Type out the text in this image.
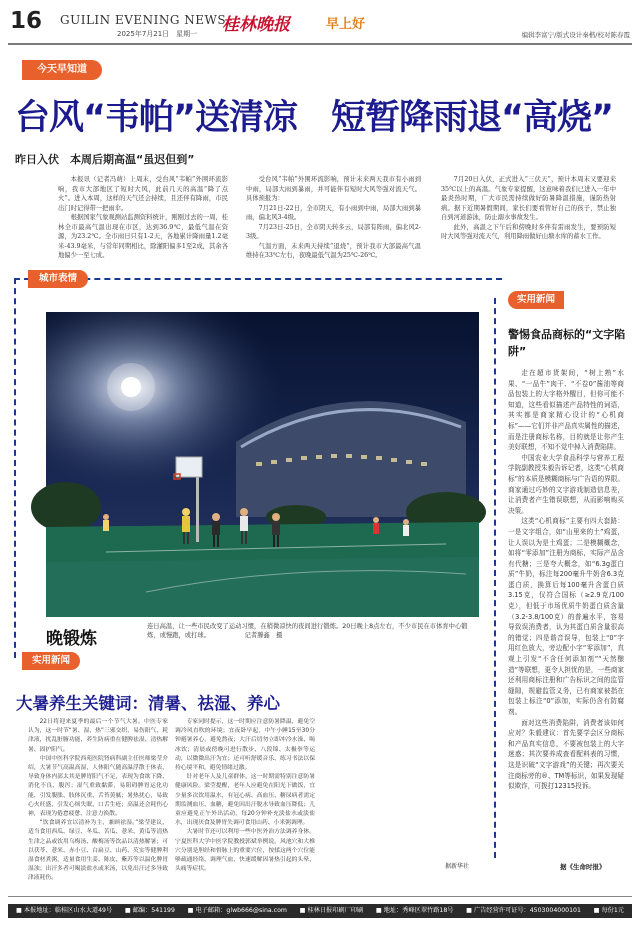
16 GUILIN EVENING NEWS
2025年7月21日　星期一 桂林晚报	早上好
编辑李富宁/版式设计秦楷/校对陈春霞
今天早知道
台风“韦帕”送清凉　短暂降雨退“高烧”
昨日入伏　本周后期高温“虽迟但到”

本报讯（记者冯萌）上周末，受台风“韦帕”外围环流影响，我市大部地区了短时大风，此前几天的高温“降了点火”。进入本周，这样的天气还会持续，且还伴有降雨，市民出门时记得带一把雨伞。

根据国家气象观测站监测资料统计，刚刚过去的一周，桂林全市最高气温出现在市区，达到36.9℃，最低气温在资源，为23.2℃。全市雨日只有1-2天，各地累计降雨量1.2毫米-43.9毫米，与常年同期相比，除灌阳偏多1至2成，其余各地偏少一至七成。

受台风“韦帕”外围环流影响，预计未来两天我市有小雨到中雨，局部大雨到暴雨，并可能伴有短时大风等强对流天气。具体预报为：

7月21日-22日，全市阴天，有小雨到中雨，局部大雨到暴雨，偏北风3-4级。

7月23日-25日，全市阴天转多云，局部有阵雨，偏北风2-3级。

气温方面，未来两天持续“退烧”，预计我市大部最高气温维持在33℃左右，夜晚最低气温为25℃-26℃。

7月20日入伏，正式进入“三伏天”，预计本周末又要迎来35℃以上的高温。气象专家提醒，这意味着我们已进入一年中最炎热时期，广大市民需持续做好防暑降温措施，谨防热射病。据下近期暑假期间，家长们要看管好自己的孩子，禁止独自到河道游泳，防止溺水事故发生。

此外，高温之下午后和傍晚时多伴有雷雨发生，要预防短时大风等强对流天气，利用降雨做好山塘水库的蓄水工作。

城市表情
实用新闻
晚锻炼
连日高温，让一些市民改变了运动习惯，在稍微凉快的夜间进行锻炼。20日晚上8点左右，不少市民在市体育中心锻炼，或慢跑，或打球。　　　　　　记者滕鑫　摄
警惕食品商标的“文字陷阱”

走在超市货架间，“树上熟”水果、“一品牛”肉干、“不卷0”酱油等商品包装上的大字格外醒目，但你可能不知道，这些看似描述产品特性的词语，其实都是商家精心设计的“心机商标”——它们并非产品真实属性的描述，而是注册商标名称，目的就是让你产生美好联想，不知不觉中掉入消费陷阱。

中国农业大学食品科学与营养工程学院副教授朱毅告诉记者，这类“心机商标”的本质是模糊商标与广告语的界限。商家通过巧妙的文字游戏制造信息差，让消费者产生错误联想，从而影响购买决策。

这类“心机商标”主要有四大套路：一是文字组合，如“山里来的土”鸡蛋，让人误以为是土鸡蛋；二是模糊概念，如将“零添加”注册为商标，实际产品含有代糖；三是夸大概念，如“6.3g蛋白质”牛奶，标注每200毫升牛奶含6.3克蛋白质，换算后每100毫升含蛋白质3.15克，仅符合国标（≥2.9克/100克），但低于市场优质牛奶蛋白质含量（3.2-3.8/100克）的普遍水平，容易导致误消费者，认为其蛋白质含量很高的错觉；四是谐音误导，包装上“0”字用红色放大，旁边配小字“零添加”，真观上引发“不含任何添加剂”“天然酿造”等联想，更令人担忧的是，一些商家还利用商标注册和广告标识之间的监管缝隙，规避监管义务，已有商家被指在包装上标注“0”添加，实际仍含有防腐剂。

面对这些消费陷阱，消费者该如何应对？朱毅建议：首先要学会区分商标和产品真实信息，不要被包装上的大字迷惑；其次要养成查看配料表的习惯，这是识破“文字游戏”的关键；再次要关注商标旁的®、TM等标识，如果发现疑似欺诈，可拨打12315投诉。

据《生命时报》
实用新闻
大暑养生关键词：清暑、祛湿、养心

22日将迎来夏季的最后一个节气大暑。中医专家认为，这一时节“暑、湿、热”三邪交织，易伤阳气、耗津液，扰乱脏腑功能，养生防病重在健脾祛湿、清热解暑、固护阳气。

中国中医科学院西苑医院肾病科副主任医师梁莹介绍，大暑节气高温高湿，人体阳气随高温浮散于体表，导致身体内部太其是脾胃阳气不足，表现为食欲下降、消化不良、腹泻；湿气重致黏滞，易阻碍脾胃运化功能，引发腹胀、肢体沉重、舌苔黄腻；暑热扰心，易致心火旺盛，引发心烦失眠、口舌生疮；高温还会耗伤心神，表现为倦怠疲惫、注意力涣散。

“饮食调养宜以清补为主，兼顾祛湿。”梁莹建议，适当食用西瓜、绿豆、冬瓜、苦瓜、薏米、黄瓜等清热生津之品或饮用乌梅汤、酸梅汤等饮品以清热解暑；可以茯苓、薏米、赤小豆、白扁豆、山药、芡实等健脾利湿食材煮粥，适量食用生姜、陈皮、紫苏等以温化脾胃湿浊；出汗多者可喝淡盐水或米汤，以免出汗过多导致津液耗伤。

专家同时提示，这一时期应注意防暑降温，避免空调冷风直吹的环境；宜夜卧早起，中午小睡15至30分钟避暑养心，避免熬夜；大汗后切勿立即冲冷水澡、喝冰饮；清晨或傍晚可进行散步、八段锦、太极拳等运动，以微微出汗为宜；还可听舒缓音乐、练习书法以保持心境平和，避免情绪过激。

针对老年人及儿童群体，这一时期需特别注意防暑健康风险。梁莹提醒，老年人应避免在阳光下做饭，宜少量多次饮用温水，有冠心病、高血压、糖尿病者需定期监测血压、血糖，避免因出汗脱水导致血压降低；儿童应避免正午外出活动，每20分钟补充淡盐水或淡盐水，出现厌食及脾胃失调可食用山药、小米粥调理。

大暑时节还可以利用一些中医外治方法调养身体。宁夏医科大学中医学院教授郭斌举例说，风池穴和大椎穴分别是胆经和督脉上的重要穴位，按揉这两个穴位能够疏通经络、调理气血，快速缓解因暑热引起的头晕、头痛等症状。	据新华社
■ 本报地址：临桂区山水大道49号	■ 邮编：541199	■ 电子邮箱：glwb666@sina.com	■ 桂林日报印刷厂印刷	■ 地址：秀峰区翠竹路18号	■ 广告经营许可证号：4503004000101	■ 每份1元
